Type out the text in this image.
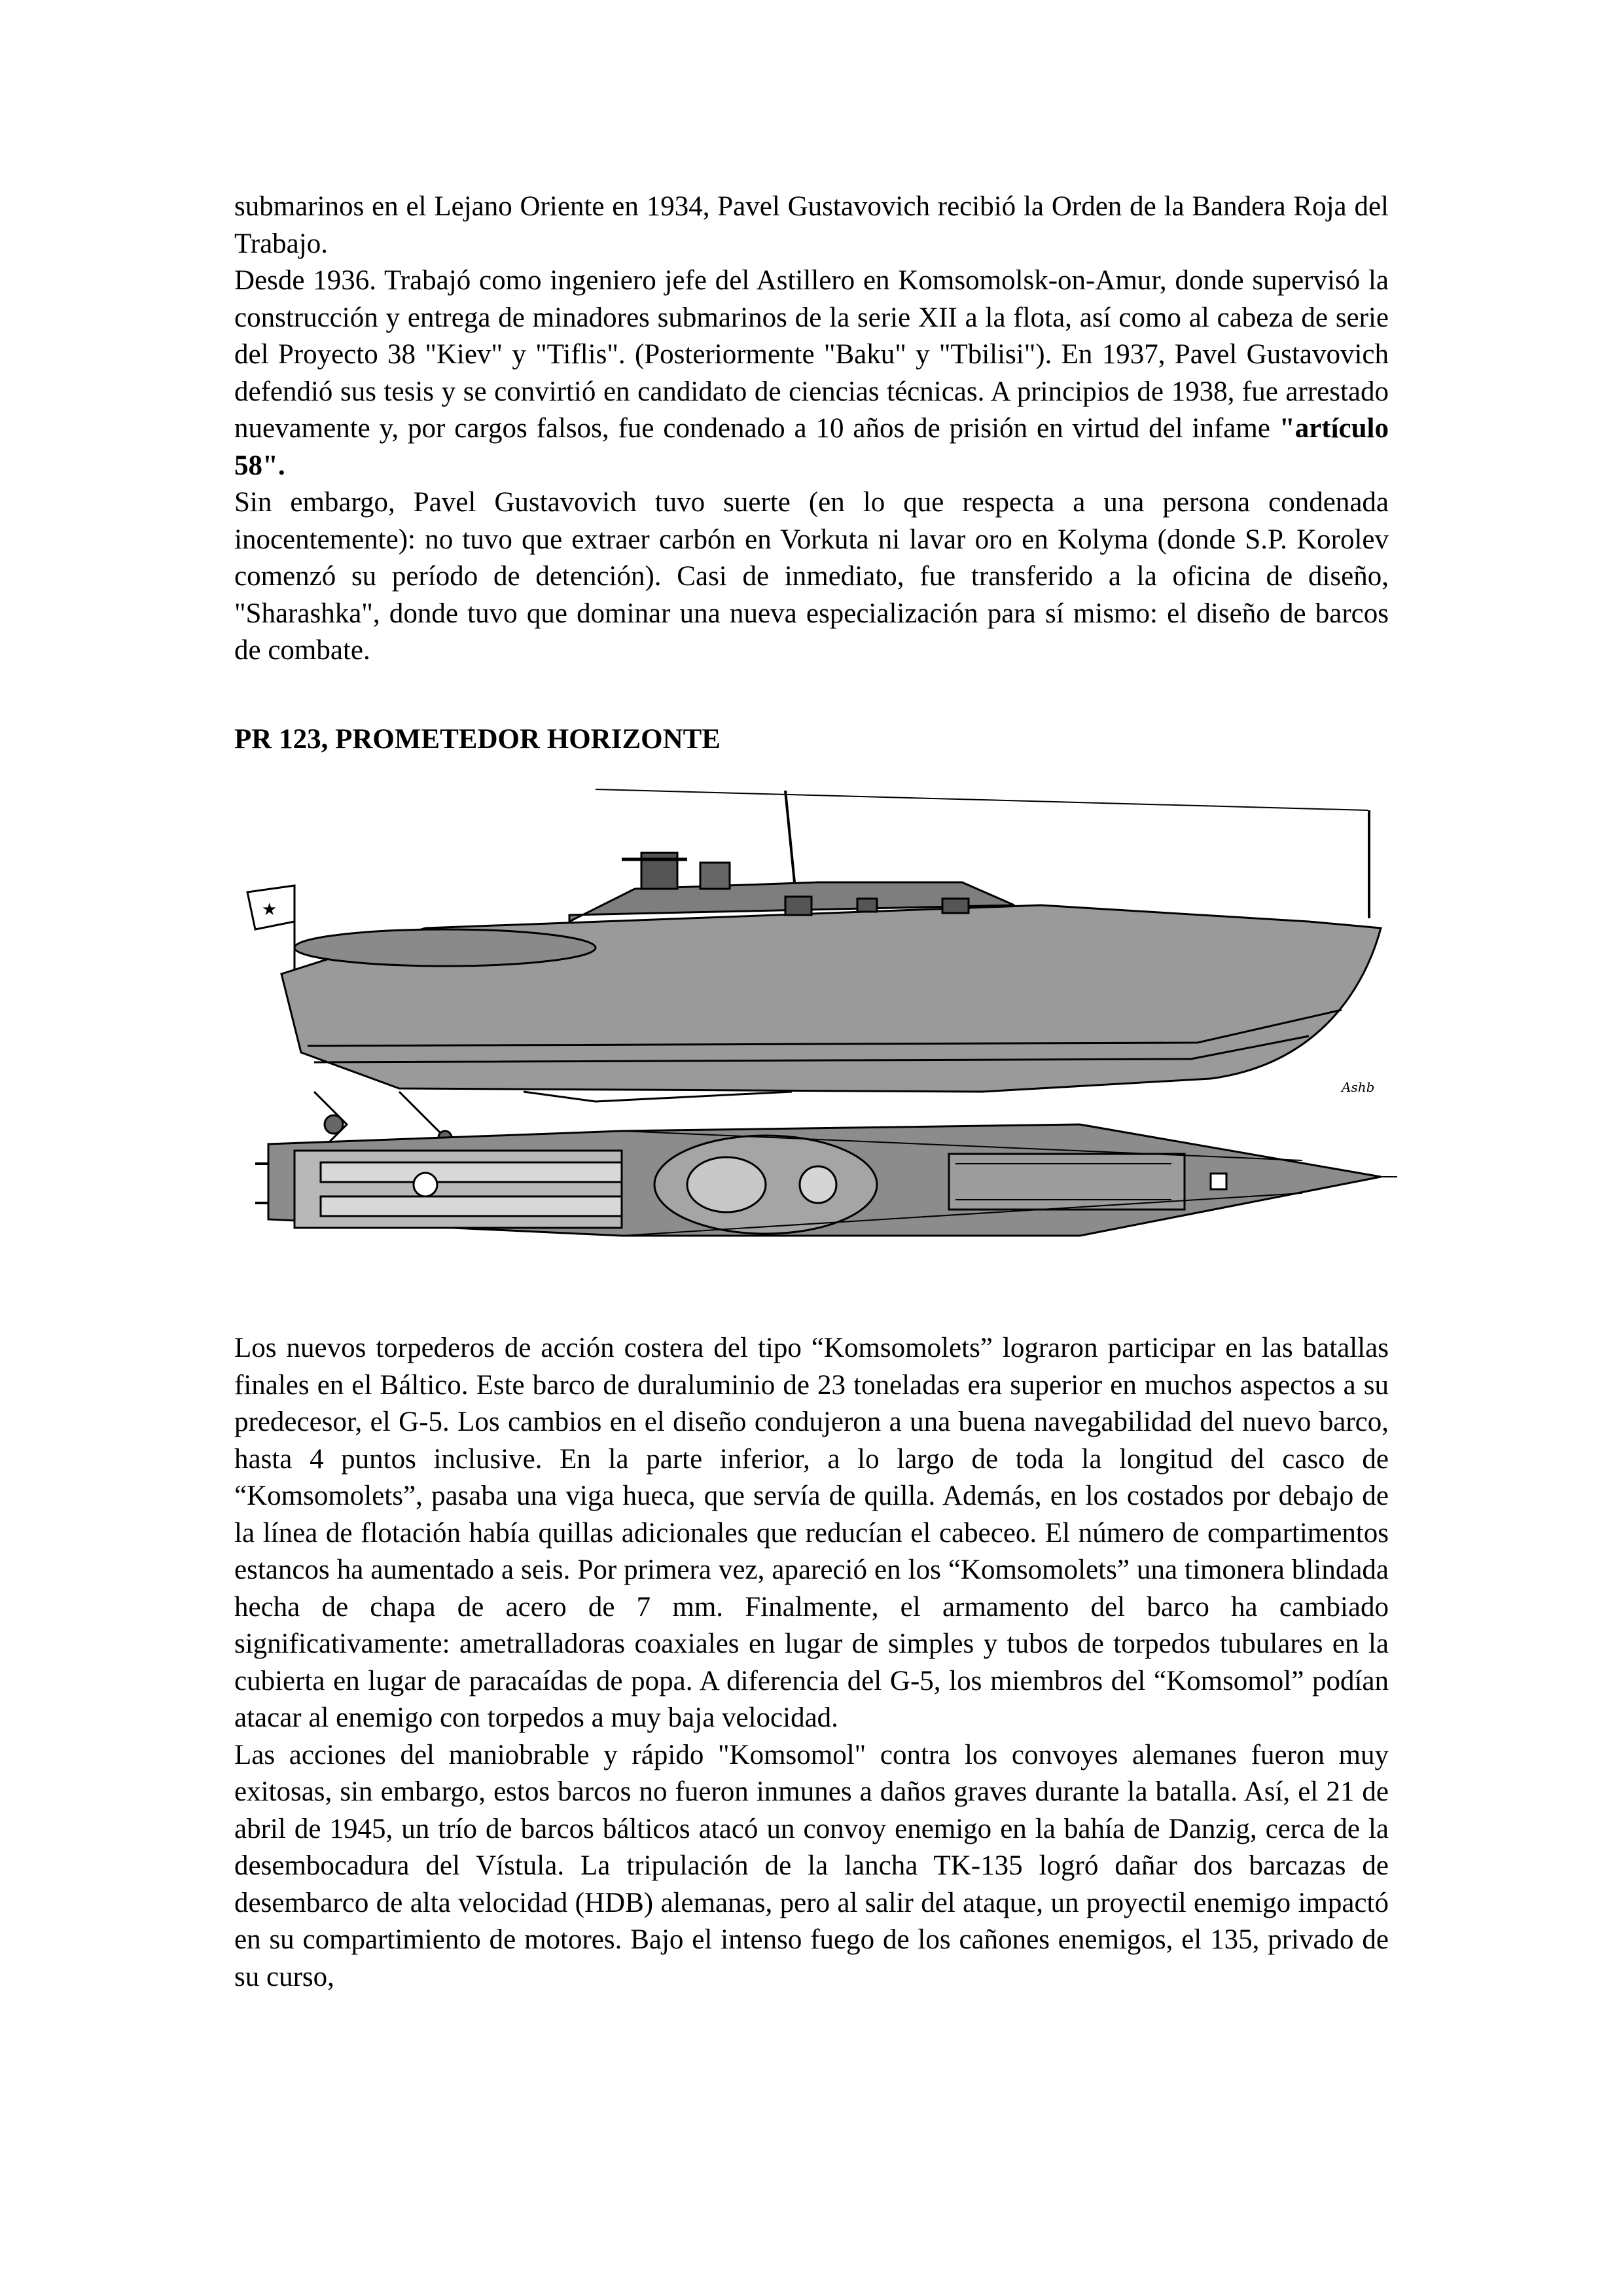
submarinos en el Lejano Oriente en 1934, Pavel Gustavovich recibió la Orden de la Bandera Roja del Trabajo.

Desde 1936. Trabajó como ingeniero jefe del Astillero en Komsomolsk-on-Amur, donde supervisó la construcción y entrega de minadores submarinos de la serie XII a la flota, así como al cabeza de serie del Proyecto 38 "Kiev" y "Tiflis". (Posteriormente "Baku" y "Tbilisi"). En 1937, Pavel Gustavovich defendió sus tesis y se convirtió en candidato de ciencias técnicas. A principios de 1938, fue arrestado nuevamente y, por cargos falsos, fue condenado a 10 años de prisión en virtud del infame "artículo 58".

Sin embargo, Pavel Gustavovich tuvo suerte (en lo que respecta a una persona condenada inocentemente): no tuvo que extraer carbón en Vorkuta ni lavar oro en Kolyma (donde S.P. Korolev comenzó su período de detención). Casi de inmediato, fue transferido a la oficina de diseño, "Sharashka", donde tuvo que dominar una nueva especialización para sí mismo: el diseño de barcos de combate.

PR 123, PROMETEDOR HORIZONTE
★
Ashb

Los nuevos torpederos de acción costera del tipo “Komsomolets” lograron participar en las batallas finales en el Báltico. Este barco de duraluminio de 23 toneladas era superior en muchos aspectos a su predecesor, el G-5. Los cambios en el diseño condujeron a una buena navegabilidad del nuevo barco, hasta 4 puntos inclusive. En la parte inferior, a lo largo de toda la longitud del casco de “Komsomolets”, pasaba una viga hueca, que servía de quilla. Además, en los costados por debajo de la línea de flotación había quillas adicionales que reducían el cabeceo. El número de compartimentos estancos ha aumentado a seis. Por primera vez, apareció en los “Komsomolets” una timonera blindada hecha de chapa de acero de 7 mm. Finalmente, el armamento del barco ha cambiado significativamente: ametralladoras coaxiales en lugar de simples y tubos de torpedos tubulares en la cubierta en lugar de paracaídas de popa. A diferencia del G-5, los miembros del “Komsomol” podían atacar al enemigo con torpedos a muy baja velocidad.

Las acciones del maniobrable y rápido "Komsomol" contra los convoyes alemanes fueron muy exitosas, sin embargo, estos barcos no fueron inmunes a daños graves durante la batalla. Así, el 21 de abril de 1945, un trío de barcos bálticos atacó un convoy enemigo en la bahía de Danzig, cerca de la desembocadura del Vístula. La tripulación de la lancha TK-135 logró dañar dos barcazas de desembarco de alta velocidad (HDB) alemanas, pero al salir del ataque, un proyectil enemigo impactó en su compartimiento de motores. Bajo el intenso fuego de los cañones enemigos, el 135, privado de su curso,
